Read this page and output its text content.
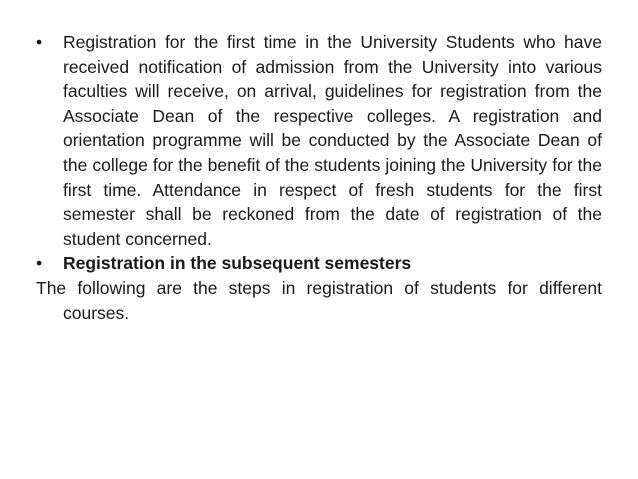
•	Registration for the first time in the University Students who have received notification of admission from the University into various faculties will receive, on arrival, guidelines for registration from the Associate Dean of the respective colleges. A registration and orientation programme will be conducted by the Associate Dean of the college for the benefit of the students joining the University for the first time. Attendance in respect of fresh students for the first semester shall be reckoned from the date of registration of the student concerned.

•	Registration in the subsequent semesters

The following are the steps in registration of students for different courses.
